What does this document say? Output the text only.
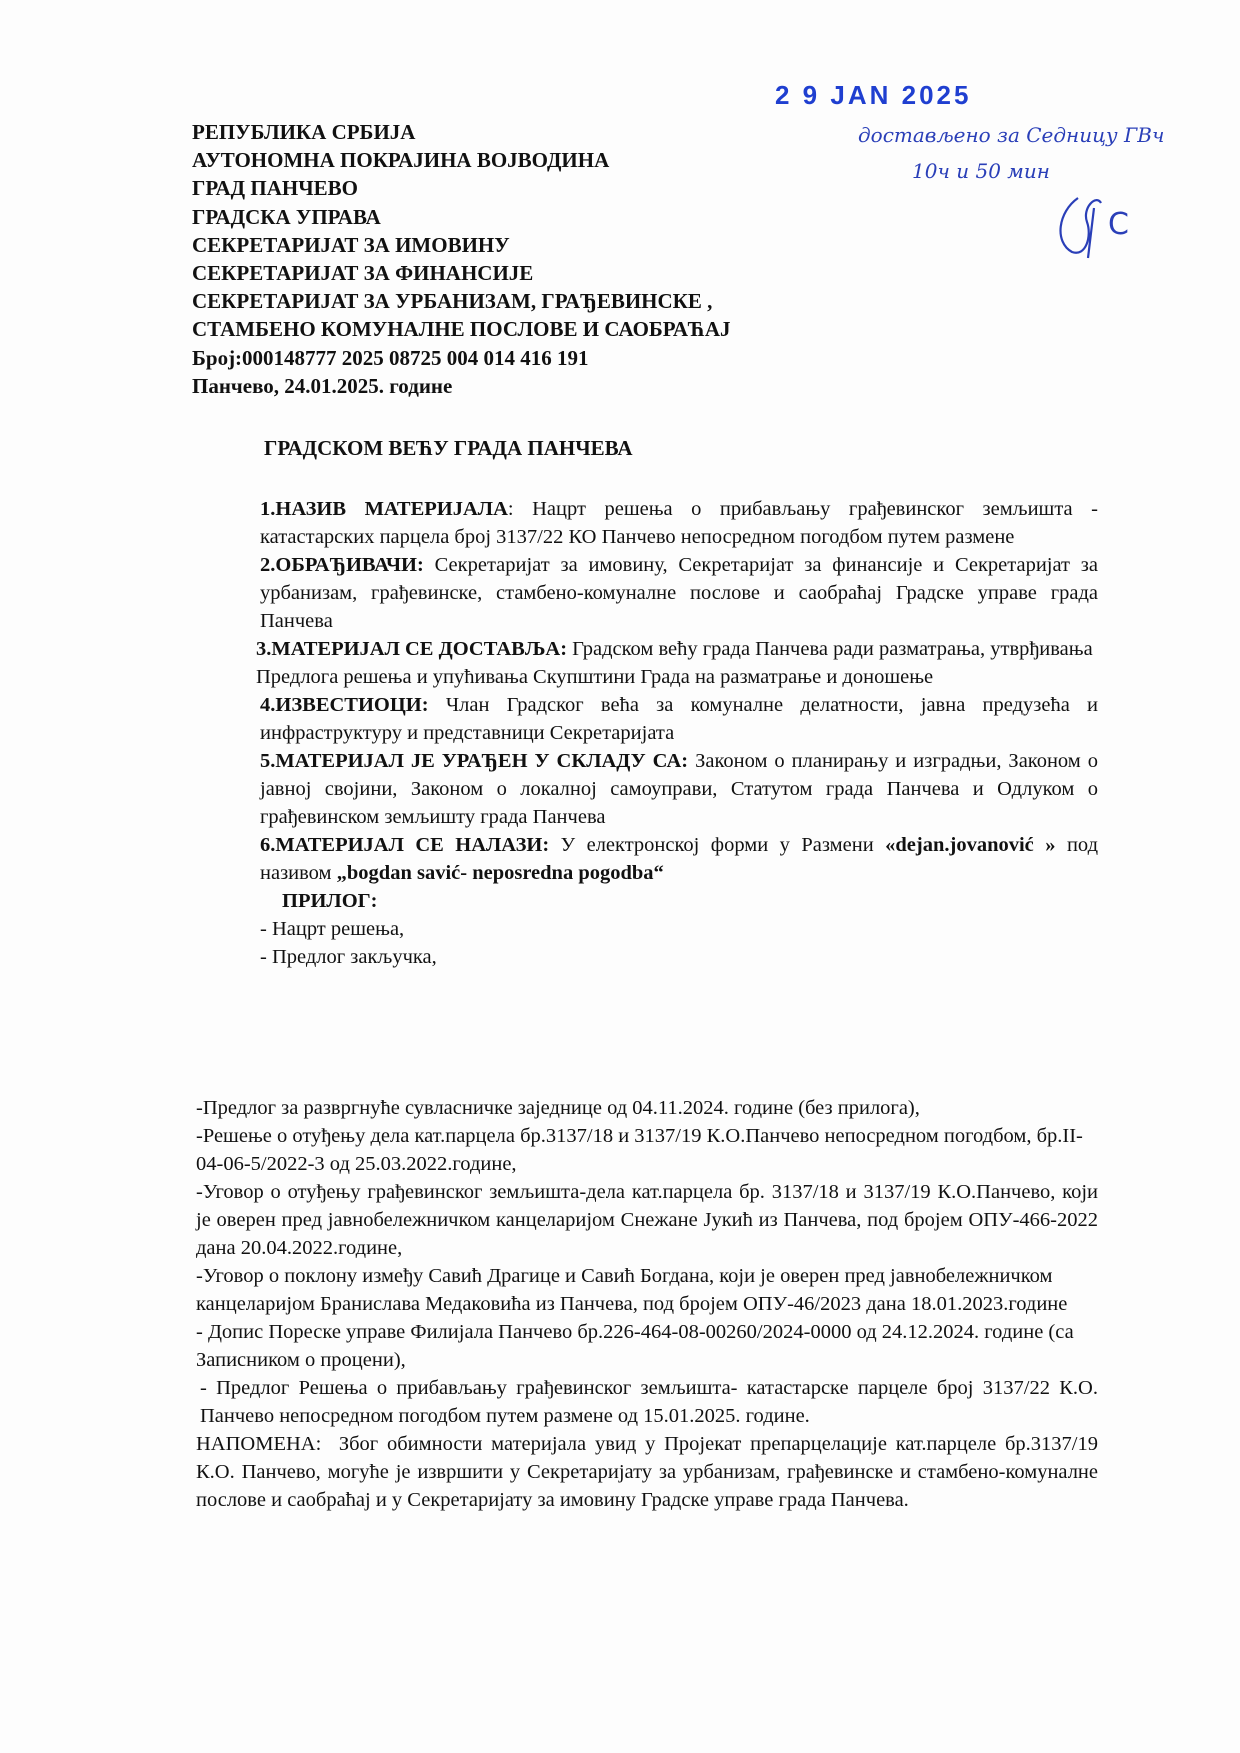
РЕПУБЛИКА СРБИЈА
АУТОНОМНА ПОКРАЈИНА ВОЈВОДИНА
ГРАД ПАНЧЕВО
ГРАДСКА УПРАВА
СЕКРЕТАРИЈАТ ЗА ИМОВИНУ
СЕКРЕТАРИЈАТ ЗА ФИНАНСИЈЕ
СЕКРЕТАРИЈАТ ЗА УРБАНИЗАМ, ГРАЂЕВИНСКЕ ,
СТАМБЕНО КОМУНАЛНЕ ПОСЛОВЕ И САОБРАЋАЈ
Број:000148777 2025 08725 004 014 416 191
Панчево, 24.01.2025. године
2 9 JAN 2025
достављено за Седницу ГВч
10ч и 50 мин
С
ГРАДСКОМ ВЕЋУ ГРАДА ПАНЧЕВА
1.НАЗИВ МАТЕРИЈАЛА: Нацрт решења о прибављању грађевинског земљишта - катастарских парцела број 3137/22 КО Панчево непосредном погодбом путем размене
2.ОБРАЂИВАЧИ: Секретаријат за имовину, Секретаријат за финансије и Секретаријат за урбанизам, грађевинске, стамбено-комуналне послове и саобраћај Градске управе града Панчева
3.МАТЕРИЈАЛ СЕ ДОСТАВЉА: Градском већу града Панчева ради разматрања, утврђивања Предлога решења и упућивања Скупштини Града на разматрање и доношење
4.ИЗВЕСТИОЦИ: Члан Градског већа за комуналне делатности, јавна предузећа и инфраструктуру и представници Секретаријата
5.МАТЕРИЈАЛ ЈЕ УРАЂЕН У СКЛАДУ СА: Законом о планирању и изградњи, Законом о јавној својини, Законом о локалној самоуправи, Статутом града Панчева и Одлуком о грађевинском земљишту града Панчева
6.МАТЕРИЈАЛ СЕ НАЛАЗИ: У електронској форми у Размени «dejan.jovanović » под називом „bogdan savić- neposredna pogodba“
ПРИЛОГ:
- Нацрт решења,
- Предлог закључка,
-Предлог за развргнуће сувласничке заједнице од 04.11.2024. године (без прилога),
-Решење о отуђењу дела кат.парцела бр.3137/18 и 3137/19 К.О.Панчево непосредном погодбом, бр.II-04-06-5/2022-3 од 25.03.2022.године,
-Уговор о отуђењу грађевинског земљишта-дела кат.парцела бр. 3137/18 и 3137/19 К.О.Панчево, који је оверен пред јавнобележничком канцеларијом Снежане Јукић из Панчева, под бројем ОПУ-466-2022 дана 20.04.2022.године,
-Уговор о поклону између Савић Драгице и Савић Богдана, који је оверен пред јавнобележничком канцеларијом Бранислава Медаковића из Панчева, под бројем ОПУ-46/2023 дана 18.01.2023.године
- Допис Пореске управе Филијала Панчево бр.226-464-08-00260/2024-0000 од 24.12.2024. године (са Записником о процени),
- Предлог Решења о прибављању грађевинског земљишта- катастарске парцеле број 3137/22 К.О. Панчево непосредном погодбом путем размене од 15.01.2025. године.
НАПОМЕНА: Због обимности материјала увид у Пројекат препарцелације кат.парцеле бр.3137/19 К.О. Панчево, могуће је извршити у Секретаријату за урбанизам, грађевинске и стамбено-комуналне послове и саобраћај и у Секретаријату за имовину Градске управе града Панчева.
